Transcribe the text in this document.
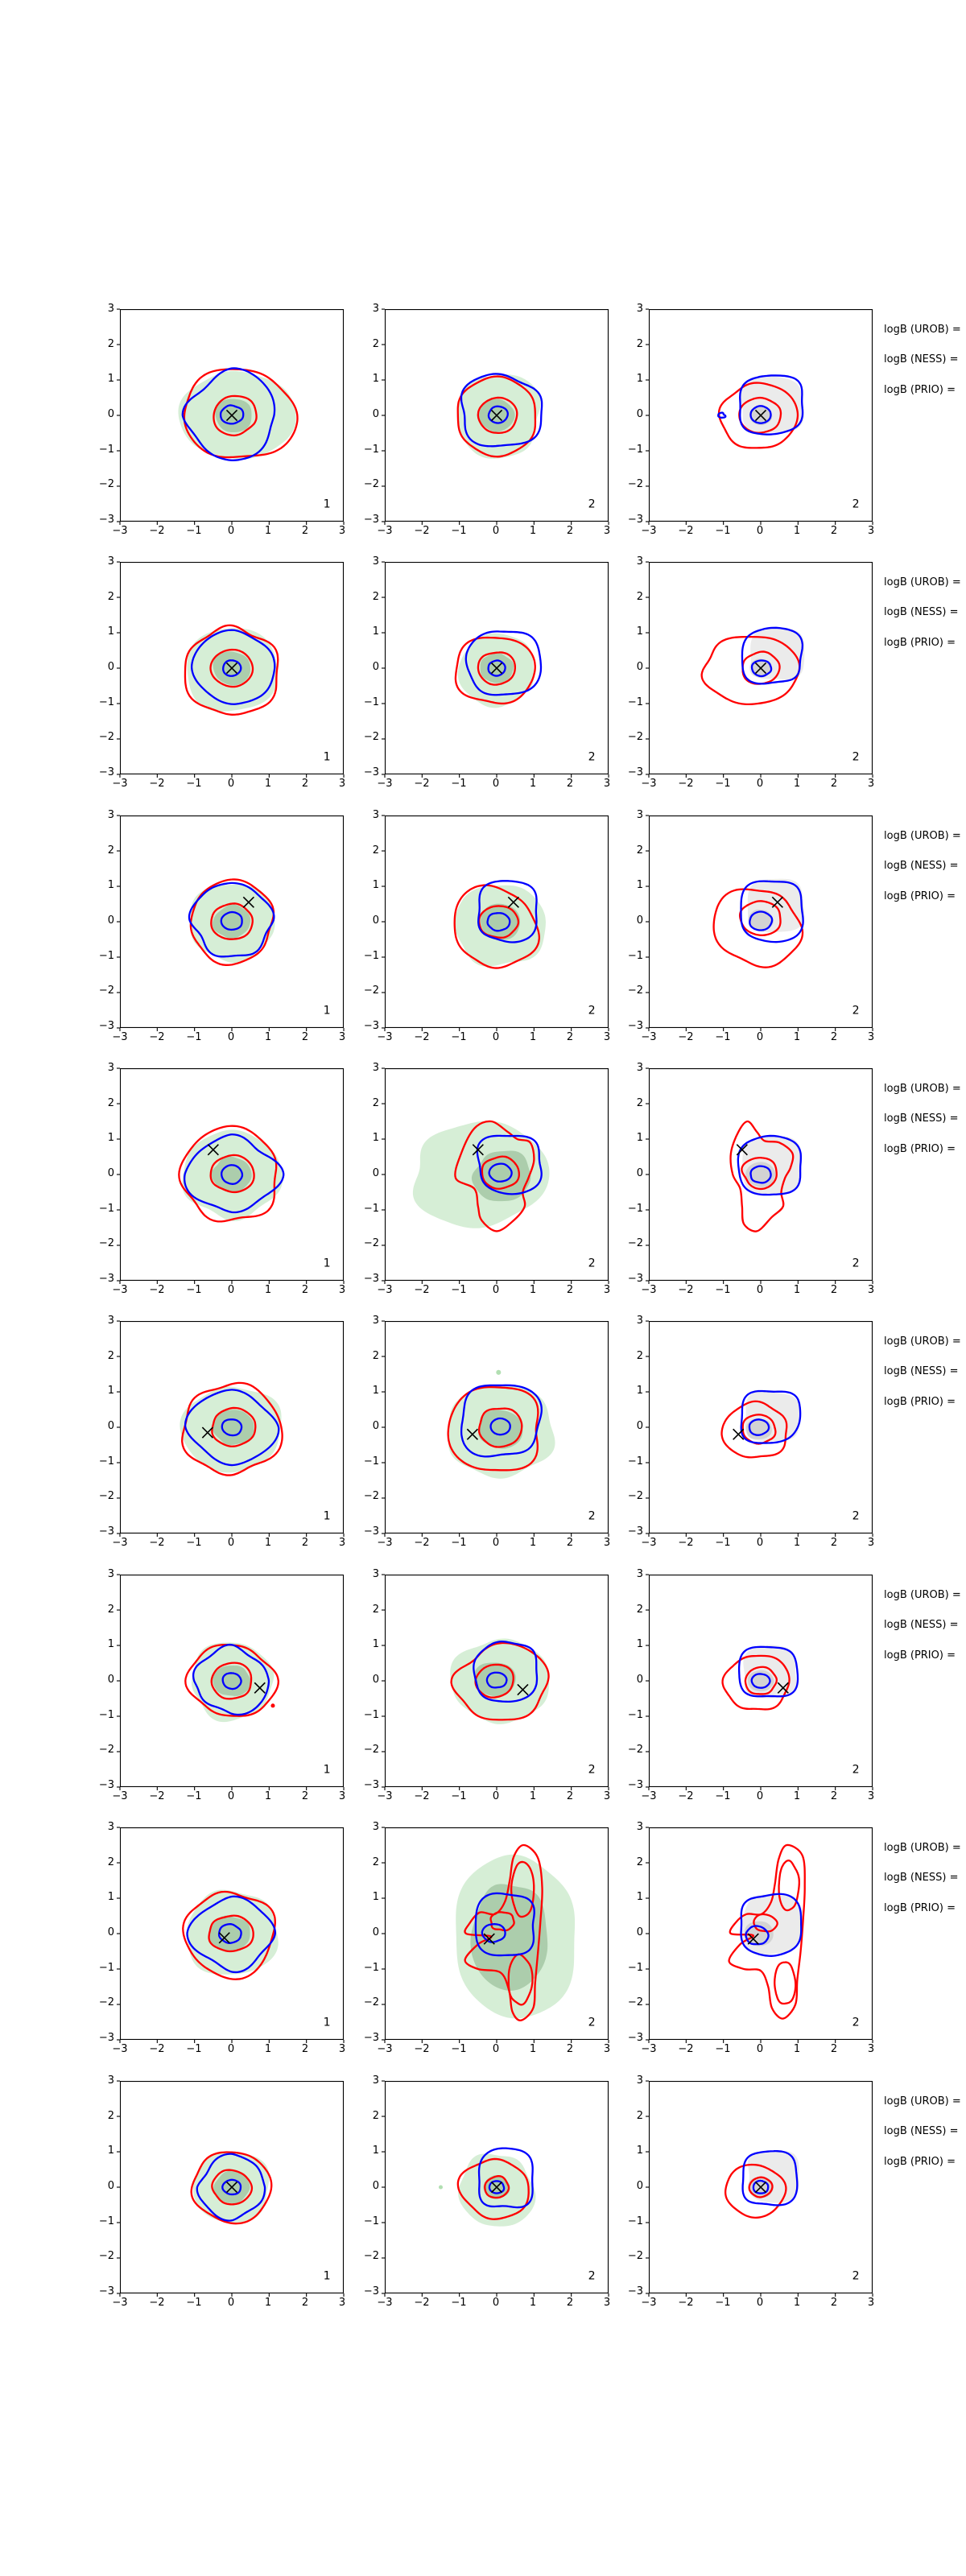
1
−3	−2	−1	0	1	2	3
−3
−2
−1
0
1
2
3
2
−3	−2	−1	0	1	2	3
−3
−2
−1
0
1
2
3
2
−3	−2	−1	0	1	2	3
−3
−2
−1
0
1
2
3
1
−3	−2	−1	0	1	2	3
−3
−2
−1
0
1
2
3
2
−3	−2	−1	0	1	2	3
−3
−2
−1
0
1
2
3
2
−3	−2	−1	0	1	2	3
−3
−2
−1
0
1
2
3
1
−3	−2	−1	0	1	2	3
−3
−2
−1
0
1
2
3
2
−3	−2	−1	0	1	2	3
−3
−2
−1
0
1
2
3
2
−3	−2	−1	0	1	2	3
−3
−2
−1
0
1
2
3
1
−3	−2	−1	0	1	2	3
−3
−2
−1
0
1
2
3
2
−3	−2	−1	0	1	2	3
−3
−2
−1
0
1
2
3
2
−3	−2	−1	0	1	2	3
−3
−2
−1
0
1
2
3
1
−3	−2	−1	0	1	2	3
−3
−2
−1
0
1
2
3
2
−3	−2	−1	0	1	2	3
−3
−2
−1
0
1
2
3
2
−3	−2	−1	0	1	2	3
−3
−2
−1
0
1
2
3
1
−3	−2	−1	0	1	2	3
−3
−2
−1
0
1
2
3
2
−3	−2	−1	0	1	2	3
−3
−2
−1
0
1
2
3
2
−3	−2	−1	0	1	2	3
−3
−2
−1
0
1
2
3
1
−3	−2	−1	0	1	2	3
−3
−2
−1
0
1
2
3
2
−3	−2	−1	0	1	2	3
−3
−2
−1
0
1
2
3
2
−3	−2	−1	0	1	2	3
−3
−2
−1
0
1
2
3
1
−3	−2	−1	0	1	2	3
−3
−2
−1
0
1
2
3
2
−3	−2	−1	0	1	2	3
−3
−2
−1
0
1
2
3
2
−3	−2	−1	0	1	2	3
−3
−2
−1
0
1
2
3
logB (UROB) =
logB (NESS) =
logB (PRIO) =
logB (UROB) =
logB (NESS) =
logB (PRIO) =
logB (UROB) =
logB (NESS) =
logB (PRIO) =
logB (UROB) =
logB (NESS) =
logB (PRIO) =
logB (UROB) =
logB (NESS) =
logB (PRIO) =
logB (UROB) =
logB (NESS) =
logB (PRIO) =
logB (UROB) =
logB (NESS) =
logB (PRIO) =
logB (UROB) =
logB (NESS) =
logB (PRIO) =
